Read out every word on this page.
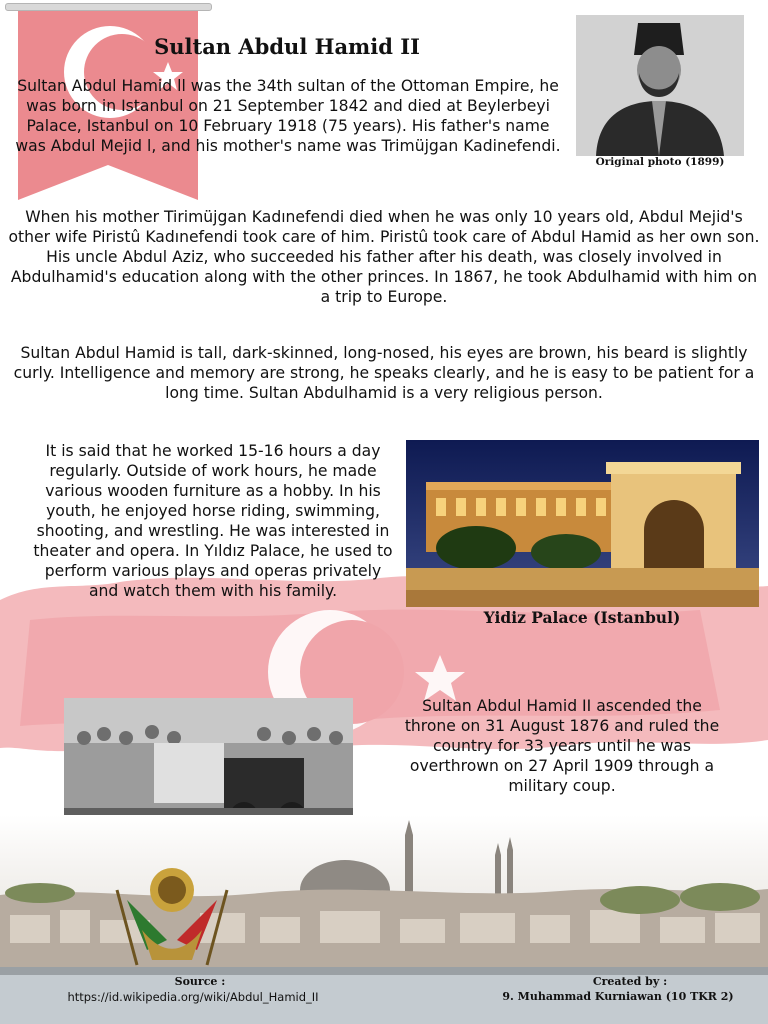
Sultan Abdul Hamid II
Sultan Abdul Hamid ll was the 34th sultan of the Ottoman Empire, he was born in Istanbul on 21 September 1842 and died at Beylerbeyi Palace, Istanbul on 10 February 1918 (75 years). His father's name was Abdul Mejid l, and his mother's name was Trimüjgan Kadinefendi.
Original photo (1899)
When his mother Tirimüjgan Kadınefendi died when he was only 10 years old, Abdul Mejid's other wife Piristû Kadınefendi took care of him. Piristû took care of Abdul Hamid as her own son. His uncle Abdul Aziz, who succeeded his father after his death, was closely involved in Abdulhamid's education along with the other princes. In 1867, he took Abdulhamid with him on a trip to Europe.
Sultan Abdul Hamid is tall, dark-skinned, long-nosed, his eyes are brown, his beard is slightly curly. Intelligence and memory are strong, he speaks clearly, and he is easy to be patient for a long time. Sultan Abdulhamid is a very religious person.
It is said that he worked 15-16 hours a day regularly. Outside of work hours, he made various wooden furniture as a hobby. In his youth, he enjoyed horse riding, swimming, shooting, and wrestling. He was interested in theater and opera. In Yıldız Palace, he used to perform various plays and operas privately and watch them with his family.
Yidiz Palace (Istanbul)
Sultan Abdul Hamid II ascended the throne on 31 August 1876 and ruled the country for 33 years until he was overthrown on 27 April 1909 through a military coup.
Source :
https://id.wikipedia.org/wiki/Abdul_Hamid_II
Created by :
9. Muhammad Kurniawan (10 TKR 2)
